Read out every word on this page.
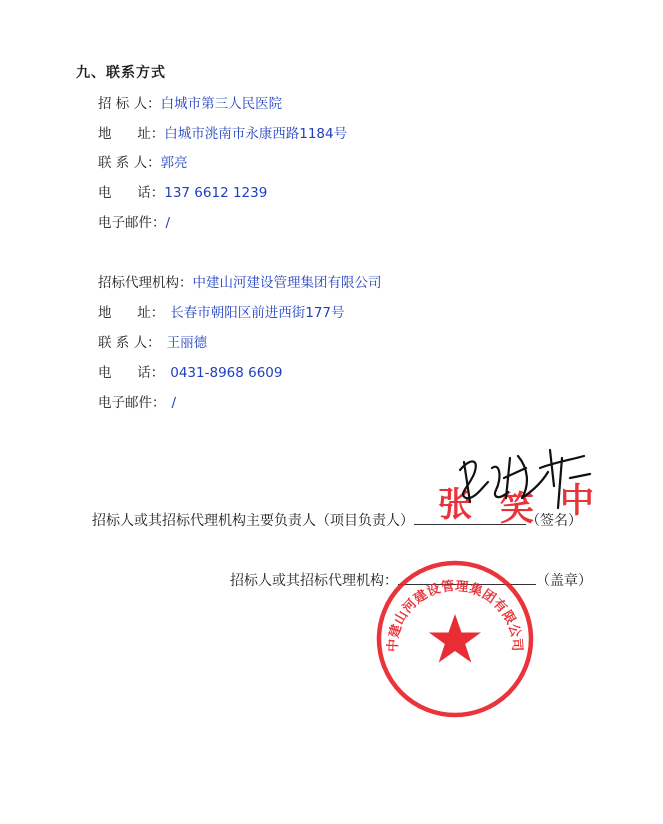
九、联系方式
招 标 人：白城市第三人民医院
地      址：白城市洮南市永康西路1184号
联 系 人：郭亮
电      话：137 6612 1239
电子邮件：/
招标代理机构：中建山河建设管理集团有限公司
地      址： 长春市朝阳区前进西街177号
联 系 人： 王丽德
电      话： 0431-8968 6609
电子邮件： /
招标人或其招标代理机构主要负责人（项目负责人）	（签名）
张 笑 中
招标人或其招标代理机构：	（盖章）
中建山河建设管理集团有限公司
